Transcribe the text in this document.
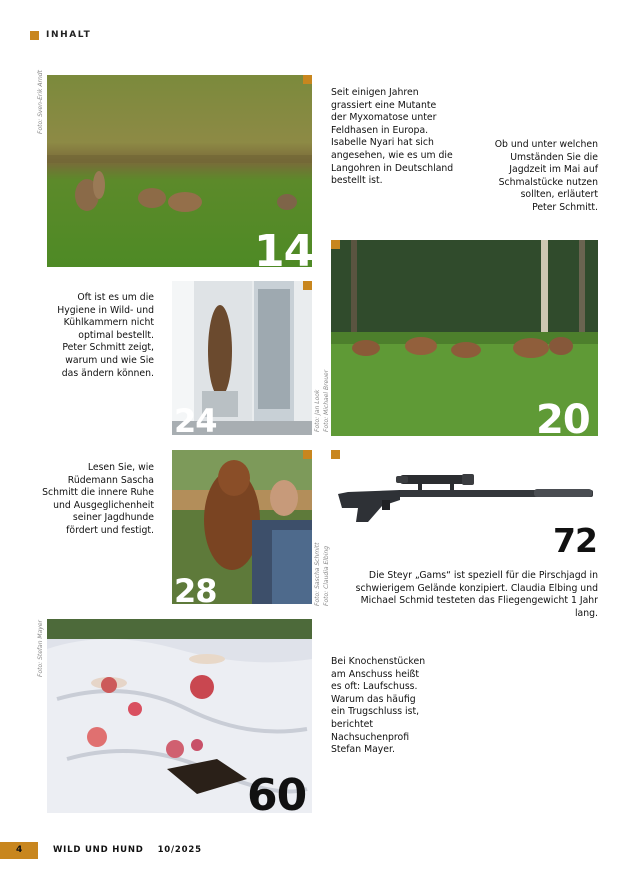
INHALT
14
Foto: Sven-Erik Arndt	Seit einigen Jahren
grassiert eine Mutante
der Myxomatose unter
Feldhasen in Europa.
Isabelle Nyari hat sich
angesehen, wie es um die
Langohren in Deutschland
bestellt ist.
Ob und unter welchen
Umständen Sie die
Jagdzeit im Mai auf
Schmalstücke nutzen
sollten, erläutert
Peter Schmitt.
Oft ist es um die
Hygiene in Wild- und
Kühlkammern nicht
optimal bestellt.
Peter Schmitt zeigt,
warum und wie Sie
das ändern können.
24	Foto: Jan Look	20
Foto: Michael Breuer
Lesen Sie, wie
Rüdemann Sascha
Schmitt die innere Ruhe
und Ausgeglichenheit
seiner Jagdhunde
fördert und festigt.
28	Foto: Sascha Schmitt Foto: Claudia Elbing
72
Die Steyr „Gams“ ist speziell für die Pirschjagd in
schwierigem Gelände konzipiert. Claudia Elbing und
Michael Schmid testeten das Fliegengewicht 1 Jahr lang.
60
Foto: Stefan Mayer	Bei Knochenstücken
am Anschuss heißt
es oft: Laufschuss.
Warum das häufig
ein Trugschluss ist,
berichtet
Nachsuchenprofi
Stefan Mayer.
4	WILD UND HUND 10/2025
